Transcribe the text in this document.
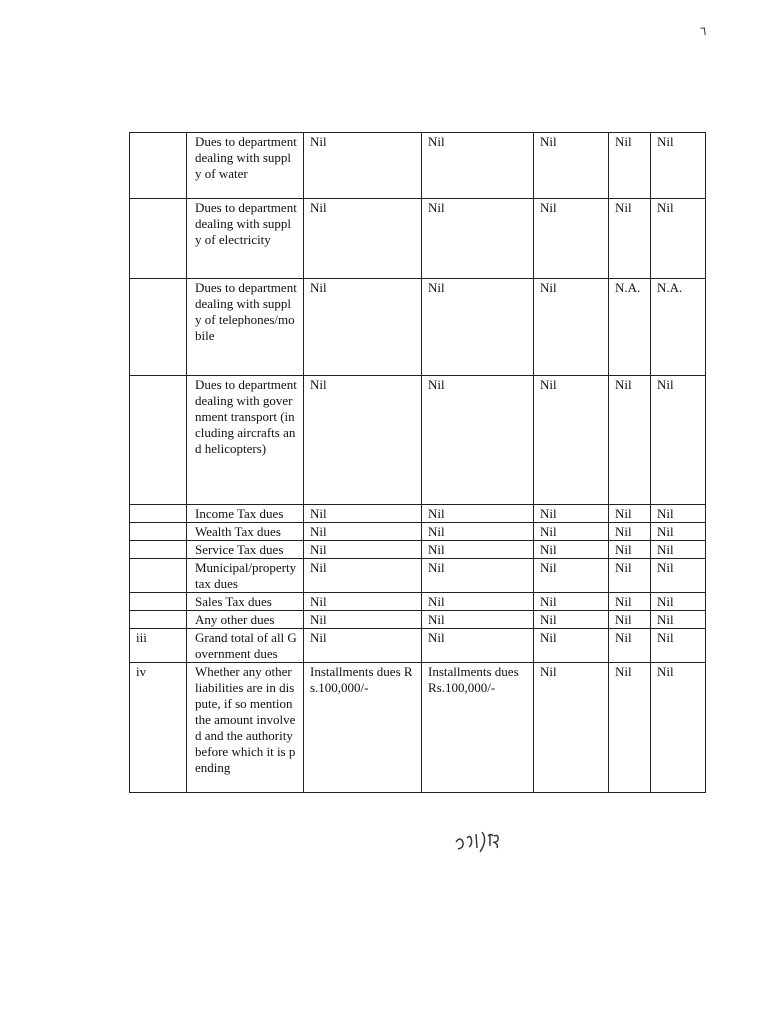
٦
	Dues to department dealing with supply of water	Nil	Nil	Nil	Nil	Nil
	Dues to department dealing with supply of electricity	Nil	Nil	Nil	Nil	Nil
	Dues to department dealing with supply of telephones/mobile	Nil	Nil	Nil	N.A.	N.A.
	Dues to department dealing with government transport (including aircrafts and helicopters)	Nil	Nil	Nil	Nil	Nil
	Income Tax dues	Nil	Nil	Nil	Nil	Nil
	Wealth Tax dues	Nil	Nil	Nil	Nil	Nil
	Service Tax dues	Nil	Nil	Nil	Nil	Nil
	Municipal/property tax dues	Nil	Nil	Nil	Nil	Nil
	Sales Tax dues	Nil	Nil	Nil	Nil	Nil
	Any other dues	Nil	Nil	Nil	Nil	Nil
iii	Grand total of all Government dues	Nil	Nil	Nil	Nil	Nil
iv	Whether any other liabilities are in dispute, if so mention the amount involved and the authority before which it is pending	Installments dues Rs.100,000/-	Installments dues Rs.100,000/-	Nil	Nil	Nil
